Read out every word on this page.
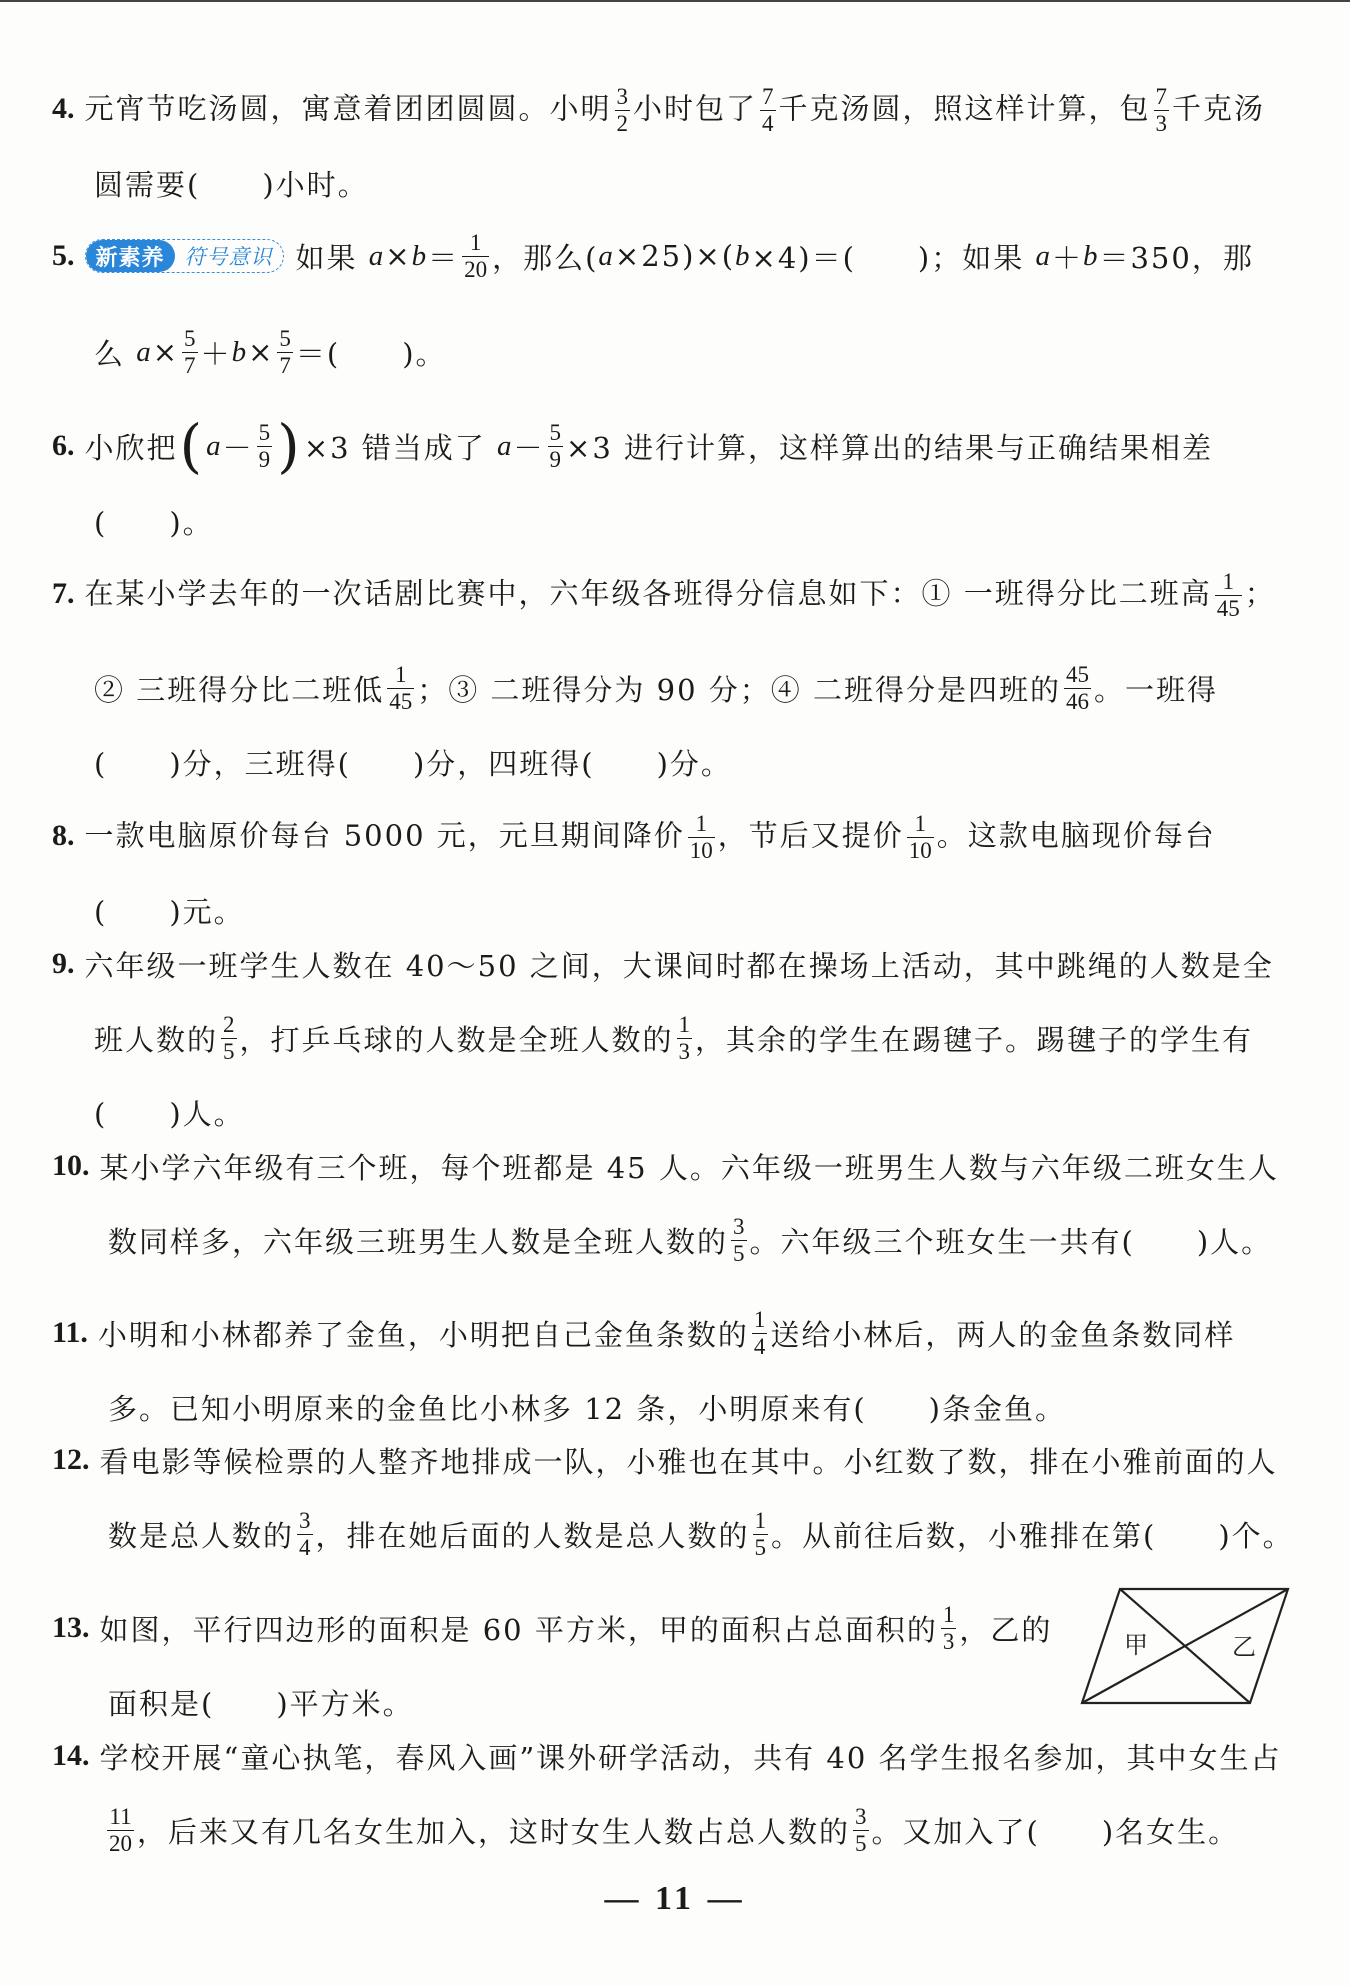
4. 元宵节吃汤圆，寓意着团团圆圆。小明 $\frac{3}{2}$ 小时包了 $\frac{7}{4}$ 千克汤圆，照这样计算，包 $\frac{7}{3}$ 千克汤
圆需要(　　)小时。
5. 新素养 符号意识 如果
$a \times b = \frac{1}{20}$ ，那么( a ×25)×( b ×4)＝(　　)；如果
a ＋ b ＝350，那
么
$a \times \frac{5}{7} + b \times \frac{5}{7}$ ＝(　　)。
6. 小欣把 ( $a - \frac{5}{9}$ ) ×3 错当成了
$a - \frac{5}{9} \times 3$ 进行计算，这样算出的结果与正确结果相差
(　　)。
7. 在某小学去年的一次话剧比赛中，六年级各班得分信息如下：① 一班得分比二班高 $\frac{1}{45}$ ；
② 三班得分比二班低 $\frac{1}{45}$ ；③ 二班得分为 90 分；④ 二班得分是四班的 $\frac{45}{46}$ 。一班得
(　　)分，三班得(　　)分，四班得(　　)分。
8. 一款电脑原价每台 5000 元，元旦期间降价 $\frac{1}{10}$ ，节后又提价 $\frac{1}{10}$ 。这款电脑现价每台
(　　)元。
9. 六年级一班学生人数在 40～50 之间，大课间时都在操场上活动，其中跳绳的人数是全
班人数的 $\frac{2}{5}$ ，打乒乓球的人数是全班人数的 $\frac{1}{3}$ ，其余的学生在踢毽子。踢毽子的学生有
(　　)人。
10. 某小学六年级有三个班，每个班都是 45 人。六年级一班男生人数与六年级二班女生人
数同样多，六年级三班男生人数是全班人数的 $\frac{3}{5}$ 。六年级三个班女生一共有(　　)人。
11. 小明和小林都养了金鱼，小明把自己金鱼条数的 $\frac{1}{4}$ 送给小林后，两人的金鱼条数同样
多。已知小明原来的金鱼比小林多 12 条，小明原来有(　　)条金鱼。
12. 看电影等候检票的人整齐地排成一队，小雅也在其中。小红数了数，排在小雅前面的人
数是总人数的 $\frac{3}{4}$ ，排在她后面的人数是总人数的 $\frac{1}{5}$ 。从前往后数，小雅排在第(　　)个。
13. 如图，平行四边形的面积是 60 平方米，甲的面积占总面积的 $\frac{1}{3}$ ，乙的
面积是(　　)平方米。
甲	乙
14. 学校开展“童心执笔，春风入画”课外研学活动，共有 40 名学生报名参加，其中女生占
$\frac{11}{20}$ ，后来又有几名女生加入，这时女生人数占总人数的 $\frac{3}{5}$ 。又加入了(　　)名女生。
— 11 —
